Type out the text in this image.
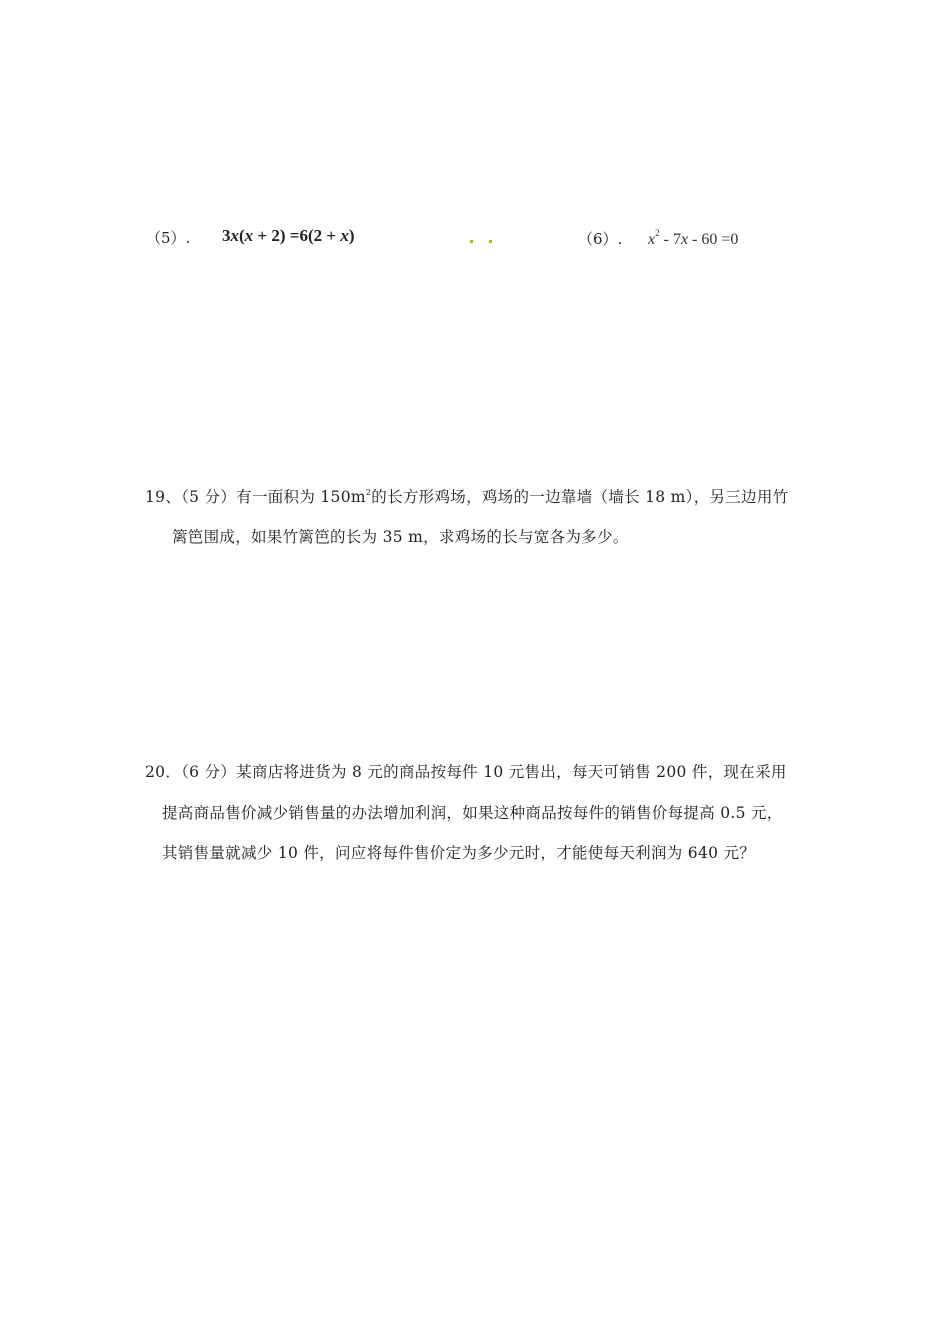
（5）. 3x(x + 2) =6(2 + x)	（6）. $x^2 - 7x - 60 =0$
19、（5 分）有一面积为 $150m^2$的长方形鸡场，鸡场的一边靠墙（墙长 18 m），另三边用竹
篱笆围成，如果竹篱笆的长为 35 m，求鸡场的长与宽各为多少。
20．（6 分）某商店将进货为 8 元的商品按每件 10 元售出，每天可销售 200 件，现在采用
提高商品售价减少销售量的办法增加利润，如果这种商品按每件的销售价每提高 0.5 元，
其销售量就减少 10 件，问应将每件售价定为多少元时，才能使每天利润为 640 元？
